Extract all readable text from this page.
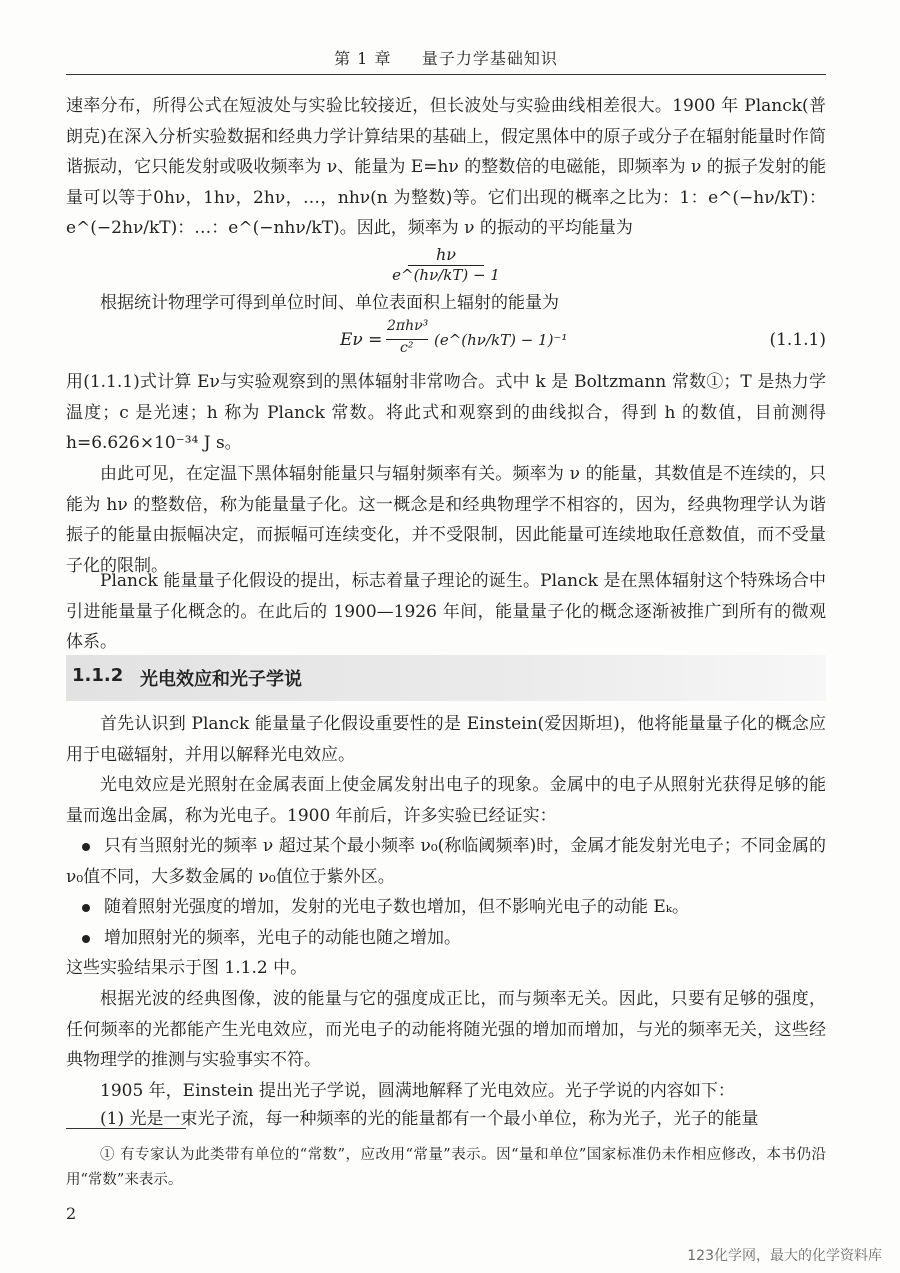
第 1 章 量子力学基础知识

速率分布，所得公式在短波处与实验比较接近，但长波处与实验曲线相差很大。1900 年 Planck(普朗克)在深入分析实验数据和经典力学计算结果的基础上，假定黑体中的原子或分子在辐射能量时作简谐振动，它只能发射或吸收频率为 ν、能量为 E=hν 的整数倍的电磁能，即频率为 ν 的振子发射的能量可以等于0hν，1hν，2hν，…，nhν(n 为整数)等。它们出现的概率之比为：1：e^(−hν/kT)：e^(−2hν/kT)：…：e^(−nhν/kT)。因此，频率为 ν 的振动的平均能量为

hν
e^(hν/kT) − 1

根据统计物理学可得到单位时间、单位表面积上辐射的能量为

Eν =
2πhν³
c² (e^(hν/kT) − 1)⁻¹	(1.1.1)

用(1.1.1)式计算 Eν与实验观察到的黑体辐射非常吻合。式中 k 是 Boltzmann 常数①；T 是热力学温度；c 是光速；h 称为 Planck 常数。将此式和观察到的曲线拟合，得到 h 的数值，目前测得 h=6.626×10⁻³⁴ J s。

由此可见，在定温下黑体辐射能量只与辐射频率有关。频率为 ν 的能量，其数值是不连续的，只能为 hν 的整数倍，称为能量量子化。这一概念是和经典物理学不相容的，因为，经典物理学认为谐振子的能量由振幅决定，而振幅可连续变化，并不受限制，因此能量可连续地取任意数值，而不受量子化的限制。

Planck 能量量子化假设的提出，标志着量子理论的诞生。Planck 是在黑体辐射这个特殊场合中引进能量量子化概念的。在此后的 1900—1926 年间，能量量子化的概念逐渐被推广到所有的微观体系。

1.1.2 光电效应和光子学说

首先认识到 Planck 能量量子化假设重要性的是 Einstein(爱因斯坦)，他将能量量子化的概念应用于电磁辐射，并用以解释光电效应。

光电效应是光照射在金属表面上使金属发射出电子的现象。金属中的电子从照射光获得足够的能量而逸出金属，称为光电子。1900 年前后，许多实验已经证实：

只有当照射光的频率 ν 超过某个最小频率 ν₀(称临阈频率)时，金属才能发射光电子；不同金属的 ν₀值不同，大多数金属的 ν₀值位于紫外区。
随着照射光强度的增加，发射的光电子数也增加，但不影响光电子的动能 Eₖ。
增加照射光的频率，光电子的动能也随之增加。

这些实验结果示于图 1.1.2 中。

根据光波的经典图像，波的能量与它的强度成正比，而与频率无关。因此，只要有足够的强度，任何频率的光都能产生光电效应，而光电子的动能将随光强的增加而增加，与光的频率无关，这些经典物理学的推测与实验事实不符。

1905 年，Einstein 提出光子学说，圆满地解释了光电效应。光子学说的内容如下：

① 有专家认为此类带有单位的“常数”，应改用“常量”表示。因“量和单位”国家标准仍未作相应修改，本书仍沿用“常数”来表示。

2
123化学网，最大的化学资料库

(1) 光是一束光子流，每一种频率的光的能量都有一个最小单位，称为光子，光子的能量
